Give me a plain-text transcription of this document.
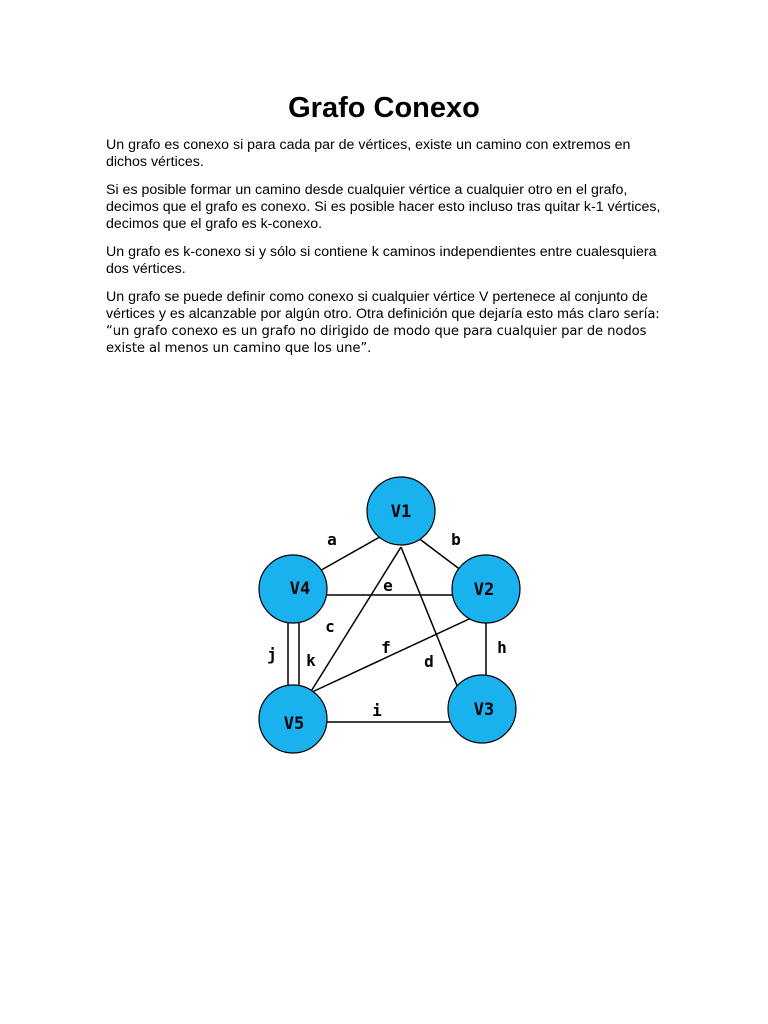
Grafo Conexo

Un grafo es conexo si para cada par de vértices, existe un camino con extremos en dichos vértices.

Si es posible formar un camino desde cualquier vértice a cualquier otro en el grafo, decimos que el grafo es conexo. Si es posible hacer esto incluso tras quitar k-1 vértices, decimos que el grafo es k-conexo.

Un grafo es k-conexo si y sólo si contiene k caminos independientes entre cualesquiera dos vértices.

Un grafo se puede definir como conexo si cualquier vértice V pertenece al conjunto de vértices y es alcanzable por algún otro. Otra definición que dejaría esto más claro sería: “un grafo conexo es un grafo no dirigido de modo que para cualquier par de nodos existe al menos un camino que los une”.

V1
V2
V3
V4
V5
a	b
c
d
e
f	h
i
j k
